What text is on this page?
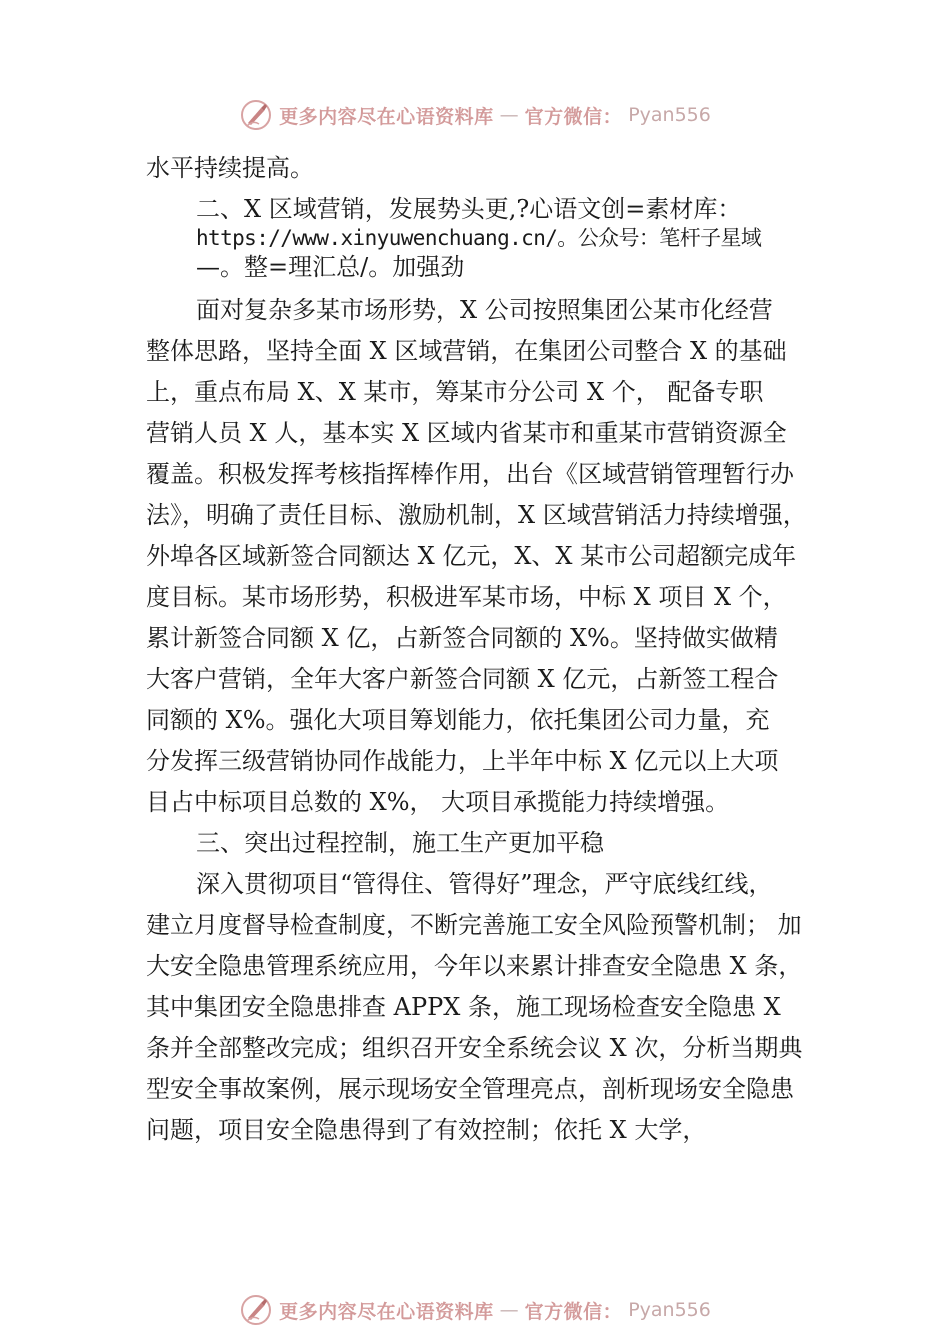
更多内容尽在心语资料库 — 官方微信： Pyan556
水平持续提高。
二、X 区域营销，发展势头更,?心语文创=素材库：
https://www.xinyuwenchuang.cn/。公众号：笔杆子星域
—。整=理汇总/。加强劲
面对复杂多某市场形势，X 公司按照集团公某市化经营
整体思路，坚持全面 X 区域营销，在集团公司整合 X 的基础
上，重点布局 X、X 某市，筹某市分公司 X 个， 配备专职
营销人员 X 人，基本实 X 区域内省某市和重某市营销资源全
覆盖。积极发挥考核指挥棒作用，出台《区域营销管理暂行办
法》，明确了责任目标、激励机制，X 区域营销活力持续增强，
外埠各区域新签合同额达 X 亿元，X、X 某市公司超额完成年
度目标。某市场形势，积极进军某市场，中标 X 项目 X 个，
累计新签合同额 X 亿，占新签合同额的 X%。坚持做实做精
大客户营销，全年大客户新签合同额 X 亿元，占新签工程合
同额的 X%。强化大项目筹划能力，依托集团公司力量，充
分发挥三级营销协同作战能力，上半年中标 X 亿元以上大项
目占中标项目总数的 X%， 大项目承揽能力持续增强。
三、突出过程控制，施工生产更加平稳
深入贯彻项目“管得住、管得好”理念，严守底线红线，
建立月度督导检查制度，不断完善施工安全风险预警机制； 加
大安全隐患管理系统应用，今年以来累计排查安全隐患 X 条，
其中集团安全隐患排查 APPX 条，施工现场检查安全隐患 X
条并全部整改完成；组织召开安全系统会议 X 次，分析当期典
型安全事故案例，展示现场安全管理亮点，剖析现场安全隐患
问题，项目安全隐患得到了有效控制；依托 X 大学，
更多内容尽在心语资料库 — 官方微信： Pyan556
